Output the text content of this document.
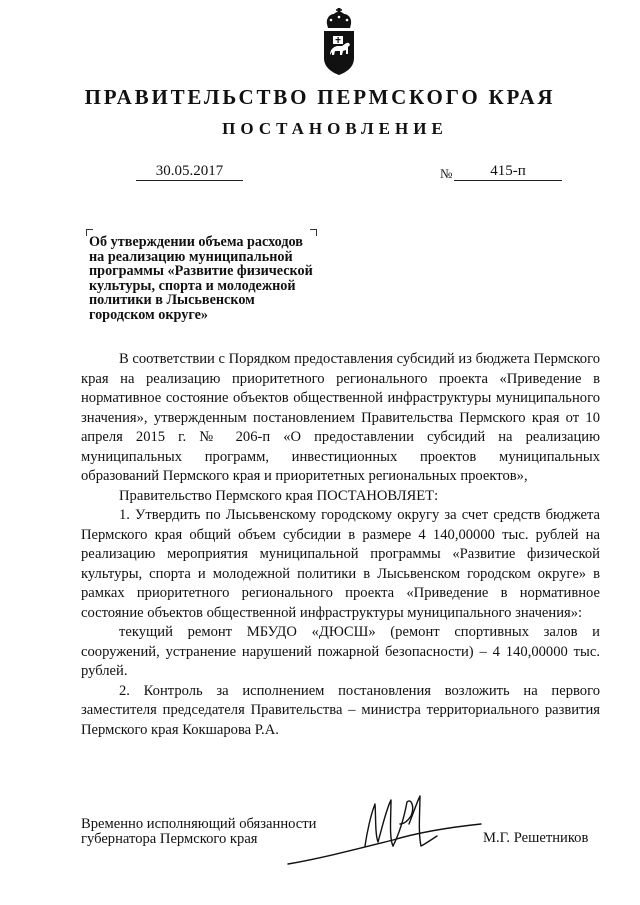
ПРАВИТЕЛЬСТВО ПЕРМСКОГО КРАЯ
ПОСТАНОВЛЕНИЕ
30.05.2017	№	415-п
Об утверждении объема расходов
на реализацию муниципальной
программы «Развитие физической
культуры, спорта и молодежной
политики в Лысьвенском
городском округе»

В соответствии с Порядком предоставления субсидий из бюджета Пермского края на реализацию приоритетного регионального проекта «Приведение в нормативное состояние объектов общественной инфраструктуры муниципального значения», утвержденным постановлением Правительства Пермского края от 10 апреля 2015 г. № 206-п «О предоставлении субсидий на реализацию муниципальных программ, инвестиционных проектов муниципальных образований Пермского края и приоритетных региональных проектов»,

Правительство Пермского края ПОСТАНОВЛЯЕТ:

1. Утвердить по Лысьвенскому городскому округу за счет средств бюджета Пермского края общий объем субсидии в размере 4 140,00000 тыс. рублей на реализацию мероприятия муниципальной программы «Развитие физической культуры, спорта и молодежной политики в Лысьвенском городском округе» в рамках приоритетного регионального проекта «Приведение в нормативное состояние объектов общественной инфраструктуры муниципального значения»:

текущий ремонт МБУДО «ДЮСШ» (ремонт спортивных залов и сооружений, устранение нарушений пожарной безопасности) – 4 140,00000 тыс. рублей.

2. Контроль за исполнением постановления возложить на первого заместителя председателя Правительства – министра территориального развития Пермского края Кокшарова Р.А.

Временно исполняющий обязанности
губернатора Пермского края	М.Г. Решетников
